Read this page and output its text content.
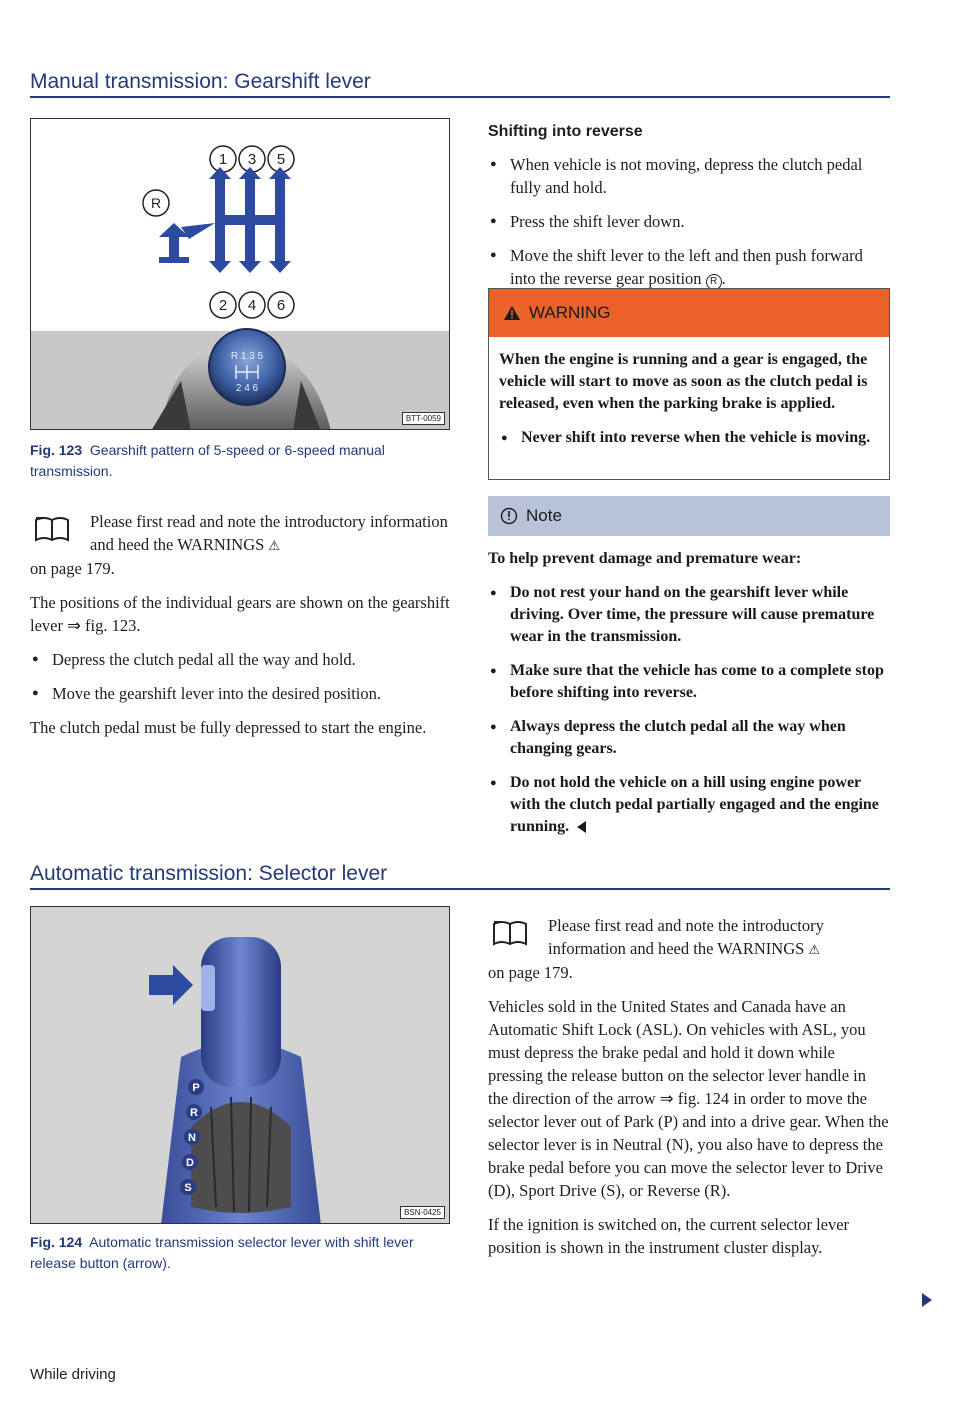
Manual transmission: Gearshift lever
1 3 5
R
2 4 6
R 1 3 5
2 4 6
BTT-0059
Fig. 123 Gearshift pattern of 5-speed or 6-speed manual transmission.

Please first read and note the introductory information and heed the WARNINGS ⚠

on page 179.

The positions of the individual gears are shown on the gearshift lever ⇒ fig. 123.

● Depress the clutch pedal all the way and hold.
● Move the gearshift lever into the desired position.

The clutch pedal must be fully depressed to start the engine.

Shifting into reverse
● When vehicle is not moving, depress the clutch pedal fully and hold.
● Press the shift lever down.
● Move the shift lever to the left and then push forward into the reverse gear position R .
WARNING

When the engine is running and a gear is engaged, the vehicle will start to move as soon as the clutch pedal is released, even when the parking brake is applied.

● Never shift into reverse when the vehicle is moving.
Note

To help prevent damage and premature wear:

● Do not rest your hand on the gearshift lever while driving. Over time, the pressure will cause premature wear in the transmission.
● Make sure that the vehicle has come to a complete stop before shifting into reverse.
● Always depress the clutch pedal all the way when changing gears.
● Do not hold the vehicle on a hill using engine power with the clutch pedal partially engaged and the engine running.
Automatic transmission: Selector lever
P
R
N
D
S
BSN-0425
Fig. 124 Automatic transmission selector lever with shift lever release button (arrow).

Please first read and note the introductory information and heed the WARNINGS ⚠

on page 179.

Vehicles sold in the United States and Canada have an Automatic Shift Lock (ASL). On vehicles with ASL, you must depress the brake pedal and hold it down while pressing the release button on the selector lever handle in the direction of the arrow ⇒ fig. 124 in order to move the selector lever out of Park (P) and into a drive gear. When the selector lever is in Neutral (N), you also have to depress the brake pedal before you can move the selector lever to Drive (D), Sport Drive (S), or Reverse (R).

If the ignition is switched on, the current selector lever position is shown in the instrument cluster display.

While driving
